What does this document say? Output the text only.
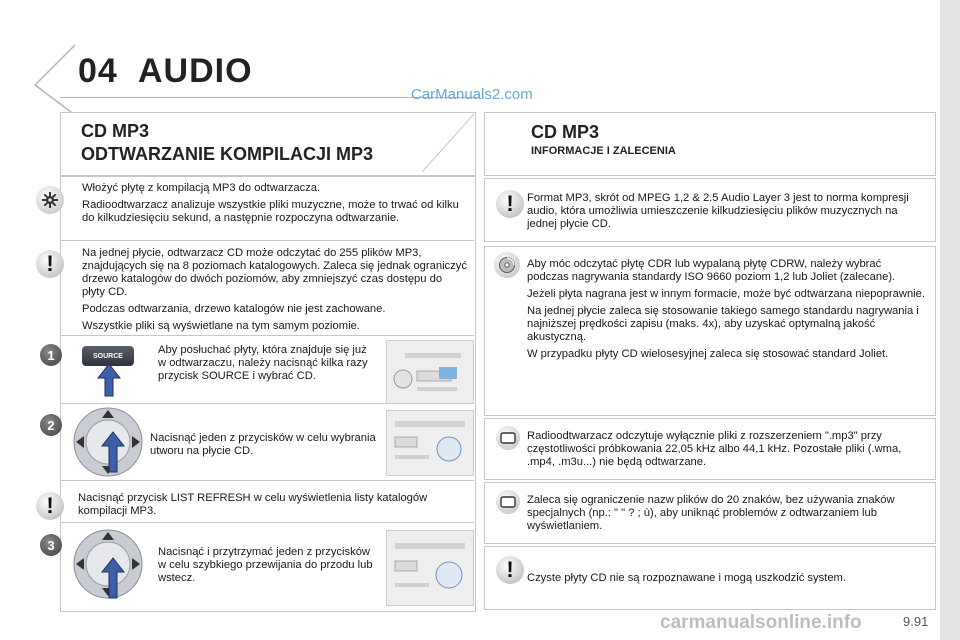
04 AUDIO
CarManuals2.com
CD MP3
ODTWARZANIE KOMPILACJI MP3

Włożyć płytę z kompilacją MP3 do odtwarzacza.

Radioodtwarzacz analizuje wszystkie pliki muzyczne, może to trwać od kilku do kilkudziesięciu sekund, a następnie rozpoczyna odtwarzanie.

!	Na jednej płycie, odtwarzacz CD może odczytać do 255 plików MP3, znajdujących się na 8 poziomach katalogowych. Zaleca się jednak ograniczyć drzewo katalogów do dwóch poziomów, aby zmniejszyć czas dostępu do płyty CD.

Podczas odtwarzania, drzewo katalogów nie jest zachowane.

Wszystkie pliki są wyświetlane na tym samym poziomie.

1	SOURCE	Aby posłuchać płyty, która znajduje się już w odtwarzaczu, należy nacisnąć kilka razy przycisk SOURCE i wybrać CD.
2
Nacisnąć jeden z przycisków w celu wybrania utworu na płycie CD.
!	Nacisnąć przycisk LIST REFRESH w celu wyświetlenia listy katalogów kompilacji MP3.
3	Nacisnąć i przytrzymać jeden z przycisków w celu szybkiego przewijania do przodu lub wstecz.
CD MP3
INFORMACJE I ZALECENIA
!	Format MP3, skrót od MPEG 1,2 & 2.5 Audio Layer 3 jest to norma kompresji audio, która umożliwia umieszczenie kilkudziesięciu plików muzycznych na jednej płycie CD.

Aby móc odczytać płytę CDR lub wypalaną płytę CDRW, należy wybrać podczas nagrywania standardy ISO 9660 poziom 1,2 lub Joliet (zalecane).

Jeżeli płyta nagrana jest w innym formacie, może być odtwarzana niepoprawnie.

Na jednej płycie zaleca się stosowanie takiego samego standardu nagrywania i najniższej prędkości zapisu (maks. 4x), aby uzyskać optymalną jakość akustyczną.

W przypadku płyty CD wielosesyjnej zaleca się stosować standard Joliet.

Radioodtwarzacz odczytuje wyłącznie pliki z rozszerzeniem ".mp3" przy częstotliwości próbkowania 22,05 kHz albo 44,1 kHz. Pozostałe pliki (.wma, .mp4, .m3u...) nie będą odtwarzane.
Zaleca się ograniczenie nazw plików do 20 znaków, bez używania znaków specjalnych (np.: " " ? ; ù), aby uniknąć problemów z odtwarzaniem lub wyświetlaniem.
!	Czyste płyty CD nie są rozpoznawane i mogą uszkodzić system.
carmanualsonline.info	9.91
